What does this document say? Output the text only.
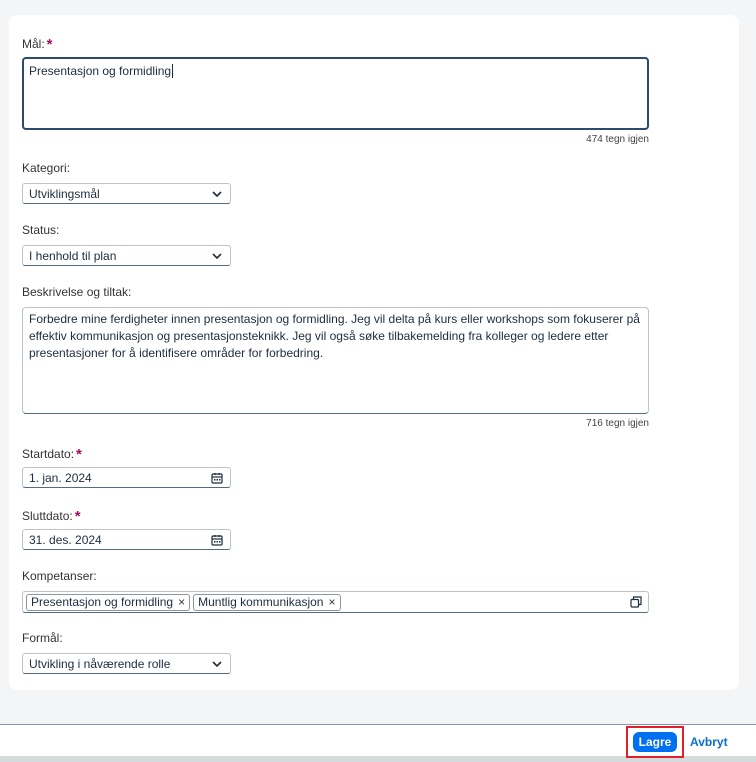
Mål: *
Presentasjon og formidling
474 tegn igjen
Kategori:
Utviklingsmål
Status:
I henhold til plan
Beskrivelse og tiltak:
Forbedre mine ferdigheter innen presentasjon og formidling. Jeg vil delta på kurs eller workshops som fokuserer på effektiv kommunikasjon og presentasjonsteknikk. Jeg vil også søke tilbakemelding fra kolleger og ledere etter presentasjoner for å identifisere områder for forbedring.
716 tegn igjen
Startdato: *
1. jan. 2024
Sluttdato: *
31. des. 2024
Kompetanser:
Presentasjon og formidling × Muntlig kommunikasjon ×
Formål:
Utvikling i nåværende rolle
Lagre	Avbryt
